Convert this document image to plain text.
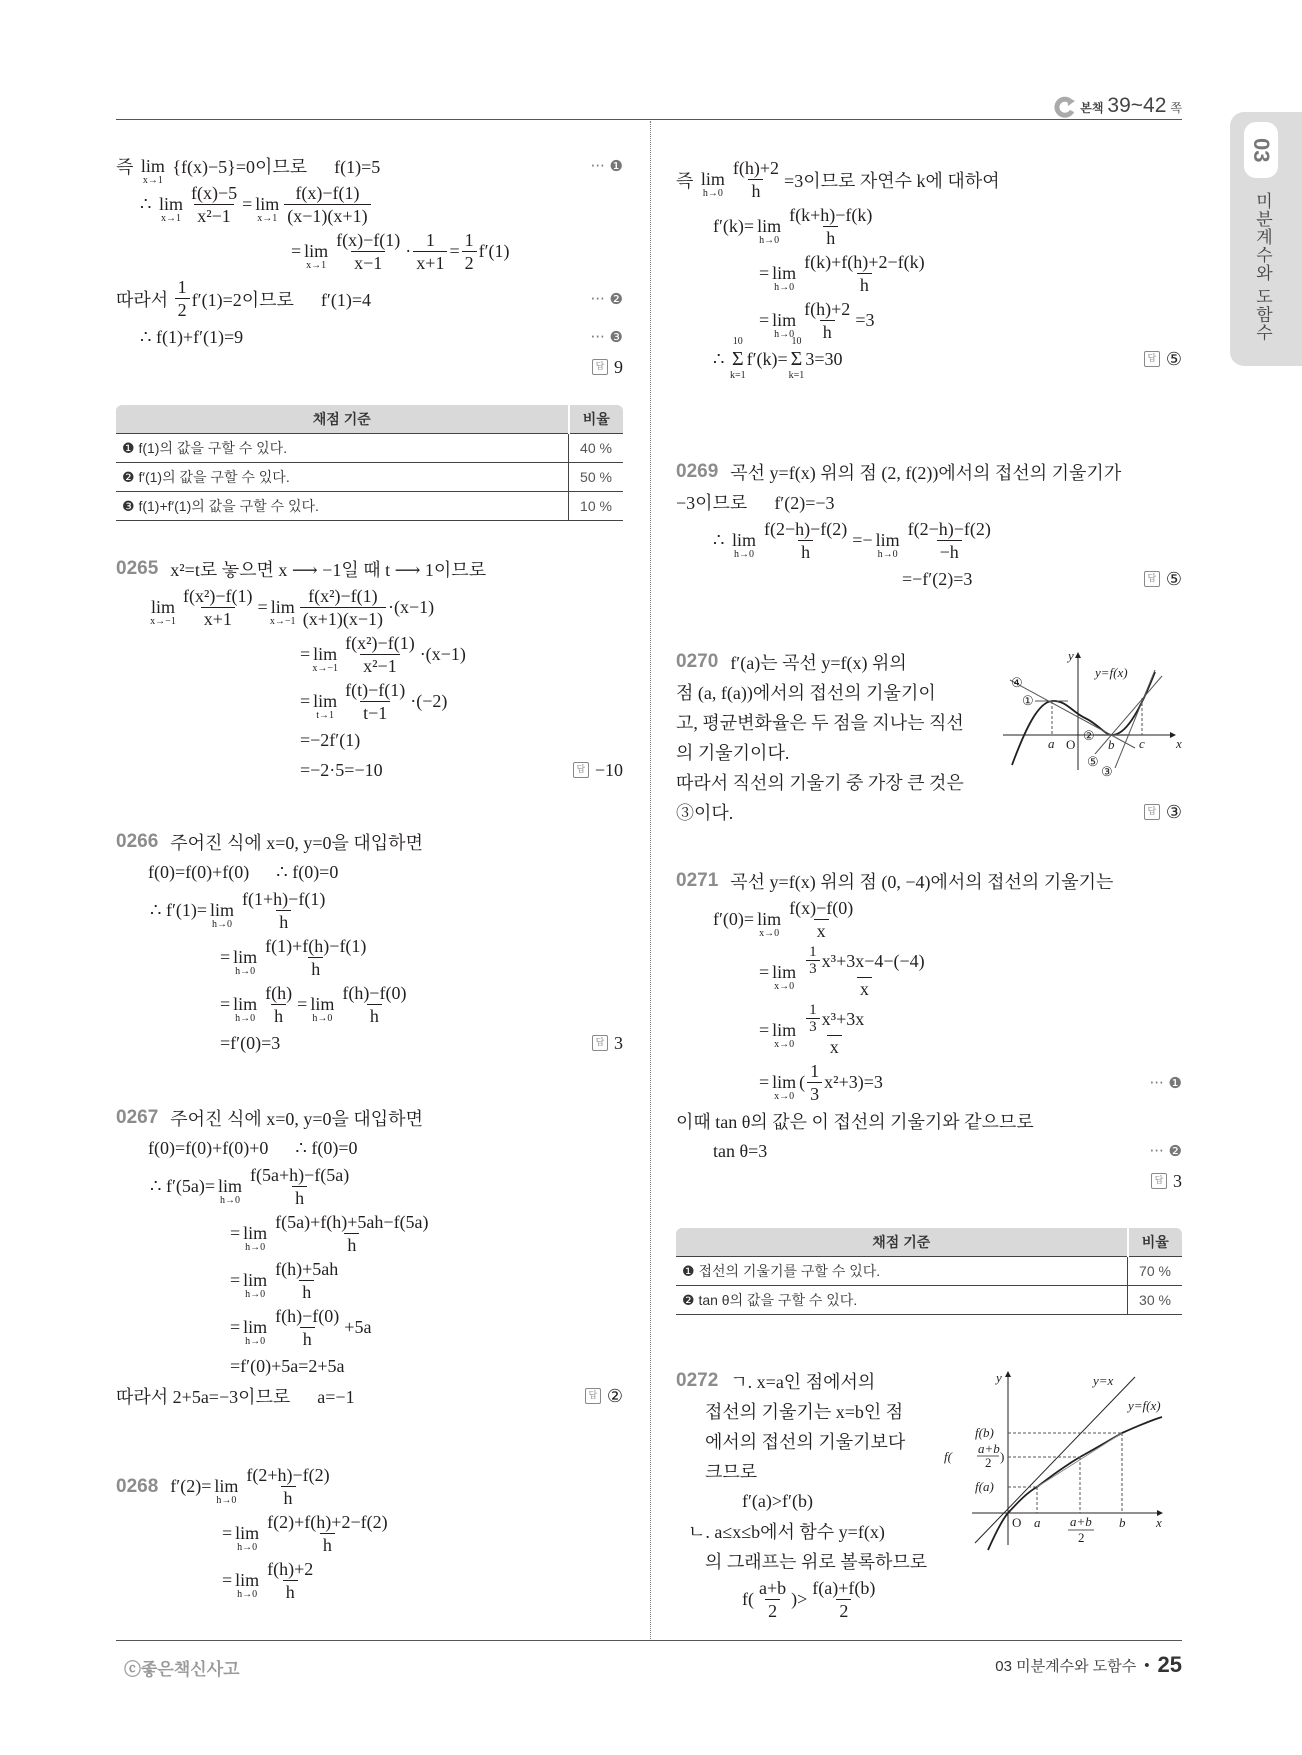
본책 39~42 쪽
03
미분계수와 도함수
즉 lim
x→1
{f(x)−5}=0이므로      f(1)=5	··· ❶
∴ lim
$x\to 1 \frac{f(x)-5}{\text{x²−1}} = \lim$
$x\to 1 \frac{f(x)-f(1)}{(x-1)(x+1)}$
= lim
$x\to 1 \frac{f(x)-f(1)}{x-1} \cdot \frac{1}{x+1} = \frac{1}{2} f'(1)$
따라서 $\frac{1}{2} f'(1)=2$이므로      f′(1)=4	··· ❷
∴ f(1)+f′(1)=9	··· ❸
답 9
채점 기준	비율
❶ f(1)의 값을 구할 수 있다.	40 %
❷ f′(1)의 값을 구할 수 있다.	50 %
❸ f(1)+f′(1)의 값을 구할 수 있다.	10 %
0265 x²=t로 놓으면 x ⟶ −1일 때 t ⟶ 1이므로
lim
$x\to-1 \frac{\text{f(x²)−f(1)}}{x+1} = \lim$
$x\to-1 \frac{\text{f(x²)−f(1)}}{(x+1)(x-1)} \cdot(x-1)$
= lim
$x\to-1 \frac{\text{f(x²)−f(1)}}{\text{x²−1}} \cdot(x-1)$
= lim
$t\to 1 \frac{f(t)-f(1)}{t-1} \cdot(-2)$
=−2f′(1)
=−2·5=−10	답 −10
0266 주어진 식에 x=0, y=0을 대입하면
f(0)=f(0)+f(0)      ∴ f(0)=0
∴ f′(1)= lim
$h\to 0 \frac{f(1+h)-f(1)}{h}$
= lim
$h\to 0 \frac{f(1)+f(h)-f(1)}{h}$
= lim
$h\to 0 \frac{f(h)}{h} = \lim$
$h\to 0 \frac{f(h)-f(0)}{h}$
=f′(0)=3	답 3
0267 주어진 식에 x=0, y=0을 대입하면
f(0)=f(0)+f(0)+0      ∴ f(0)=0
∴ f′(5a)= lim
$h\to 0 \frac{f(5a+h)-f(5a)}{h}$
= lim
$h\to 0 \frac{f(5a)+f(h)+5ah-f(5a)}{h}$
= lim
$h\to 0 \frac{f(h)+5ah}{h}$
= lim
$h\to 0 \frac{f(h)-f(0)}{h} +5a$
=f′(0)+5a=2+5a
따라서 2+5a=−3이므로      a=−1	답 ②
0268 f′(2)= lim
$h\to 0 \frac{f(2+h)-f(2)}{h}$
= lim
$h\to 0 \frac{f(2)+f(h)+2-f(2)}{h}$
= lim
$h\to 0 \frac{f(h)+2}{h}$
즉 lim
$h\to 0 \frac{f(h)+2}{h} =3$이므로 자연수 k에 대하여
f′(k)= lim
$h\to 0 \frac{f(k+h)-f(k)}{h}$
= lim
$h\to 0 \frac{f(k)+f(h)+2-f(k)}{h}$
= lim
$h\to 0 \frac{f(h)+2}{h} =3$
∴ Σ
10
k=1
f′(k)= Σ
10
k=1
3=30	답 ⑤
0269 곡선 y=f(x) 위의 점 (2, f(2))에서의 접선의 기울기가
−3이므로      f′(2)=−3
∴ lim
$h\to 0 \frac{f(2-h)-f(2)}{h} =- \lim$
$h\to 0 \frac{f(2-h)-f(2)}{-h}$
=−f′(2)=3	답 ⑤
0270 f′(a)는 곡선 y=f(x) 위의
점 (a, f(a))에서의 접선의 기울기이
고, 평균변화율은 두 점을 지나는 직선
의 기울기이다.
따라서 직선의 기울기 중 가장 큰 것은
③이다.	답 ③
0271 곡선 y=f(x) 위의 점 (0, −4)에서의 접선의 기울기는
f′(0)= lim
$x\to 0 \frac{f(x)-f(0)}{x}$
= lim
$x\to 0 \frac{\frac{1}{3} x^3+3x-4-(-4)}{x}$
= lim
$x\to 0 \frac{\frac{1}{3} x^3+3x}{x}$
= lim
x→0
( $\frac{1}{3} x^2+3)=3$	··· ❶
이때 tan θ의 값은 이 접선의 기울기와 같으므로
tan θ=3	··· ❷
답 3
채점 기준	비율
❶ 접선의 기울기를 구할 수 있다.	70 %
❷ tan θ의 값을 구할 수 있다.	30 %
0272 ㄱ. x=a인 점에서의
접선의 기울기는 x=b인 점
에서의 접선의 기울기보다
크므로
f′(a)>f′(b)
ㄴ. a≤x≤b에서 함수 y=f(x)
의 그래프는 위로 볼록하므로
$f( \frac{a+b}{2}$ )> $\frac{f(a)+f(b)}{2}$
y
x
y=f(x)
a O	b c
①
②
③
④
⑤
y
x
y=x
y=f(x)
f(b)
f(
a+b
2 )
f(a)
O a a+b
2
b
ⓒ좋은책신사고	03 미분계수와 도함수 • 25
